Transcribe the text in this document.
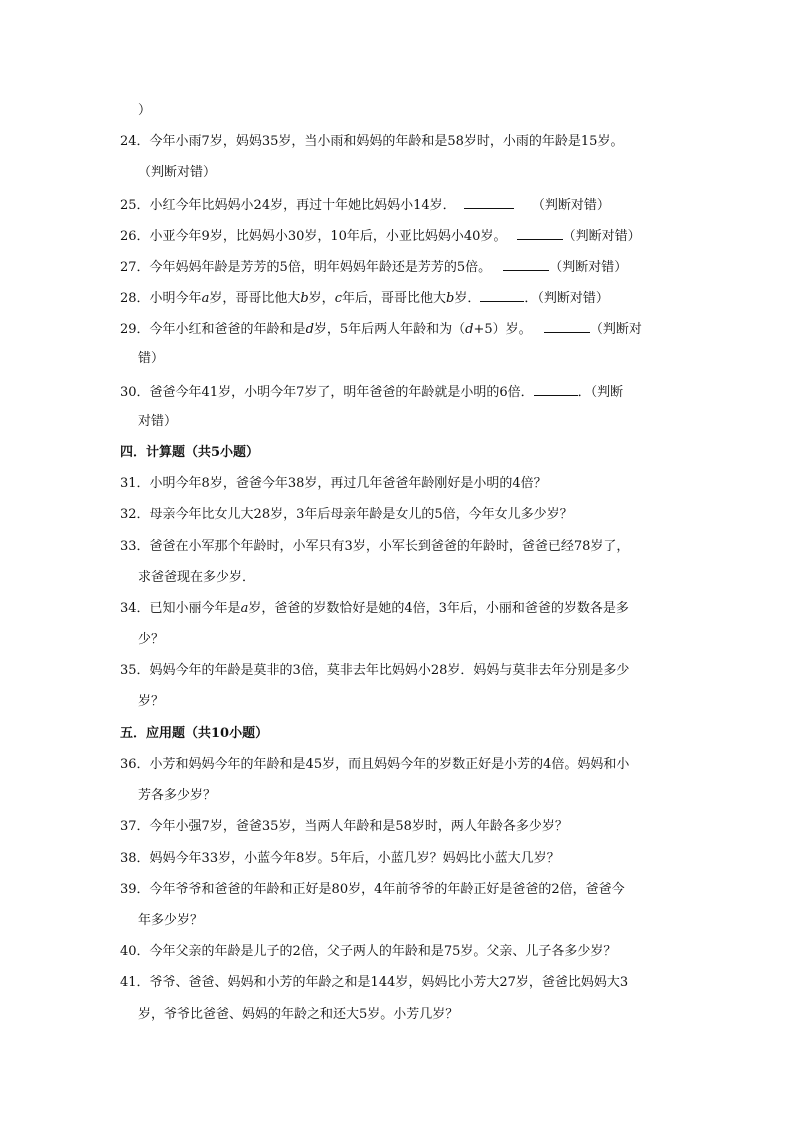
）
24．今年小雨7岁，妈妈35岁，当小雨和妈妈的年龄和是58岁时，小雨的年龄是15岁。
（判断对错）
25．小红今年比妈妈小24岁，再过十年她比妈妈小14岁．	（判断对错）
26．小亚今年9岁，比妈妈小30岁，10年后，小亚比妈妈小40岁。	（判断对错）
27．今年妈妈年龄是芳芳的5倍，明年妈妈年龄还是芳芳的5倍。	（判断对错）
28．小明今年a岁，哥哥比他大b岁，c年后，哥哥比他大b岁．	．（判断对错）
29．今年小红和爸爸的年龄和是d岁，5年后两人年龄和为（d+5）岁。	（判断对
错）
30．爸爸今年41岁，小明今年7岁了，明年爸爸的年龄就是小明的6倍．	．（判断
对错）
四．计算题（共5小题）
31．小明今年8岁，爸爸今年38岁，再过几年爸爸年龄刚好是小明的4倍？
32．母亲今年比女儿大28岁，3年后母亲年龄是女儿的5倍，今年女儿多少岁？
33．爸爸在小军那个年龄时，小军只有3岁，小军长到爸爸的年龄时，爸爸已经78岁了，
求爸爸现在多少岁．
34．已知小丽今年是a岁，爸爸的岁数恰好是她的4倍，3年后，小丽和爸爸的岁数各是多
少？
35．妈妈今年的年龄是莫非的3倍，莫非去年比妈妈小28岁．妈妈与莫非去年分别是多少
岁？
五．应用题（共10小题）
36．小芳和妈妈今年的年龄和是45岁，而且妈妈今年的岁数正好是小芳的4倍。妈妈和小
芳各多少岁？
37．今年小强7岁，爸爸35岁，当两人年龄和是58岁时，两人年龄各多少岁？
38．妈妈今年33岁，小蓝今年8岁。5年后，小蓝几岁？妈妈比小蓝大几岁？
39．今年爷爷和爸爸的年龄和正好是80岁，4年前爷爷的年龄正好是爸爸的2倍，爸爸今
年多少岁？
40．今年父亲的年龄是儿子的2倍，父子两人的年龄和是75岁。父亲、儿子各多少岁？
41．爷爷、爸爸、妈妈和小芳的年龄之和是144岁，妈妈比小芳大27岁，爸爸比妈妈大3
岁，爷爷比爸爸、妈妈的年龄之和还大5岁。小芳几岁？
